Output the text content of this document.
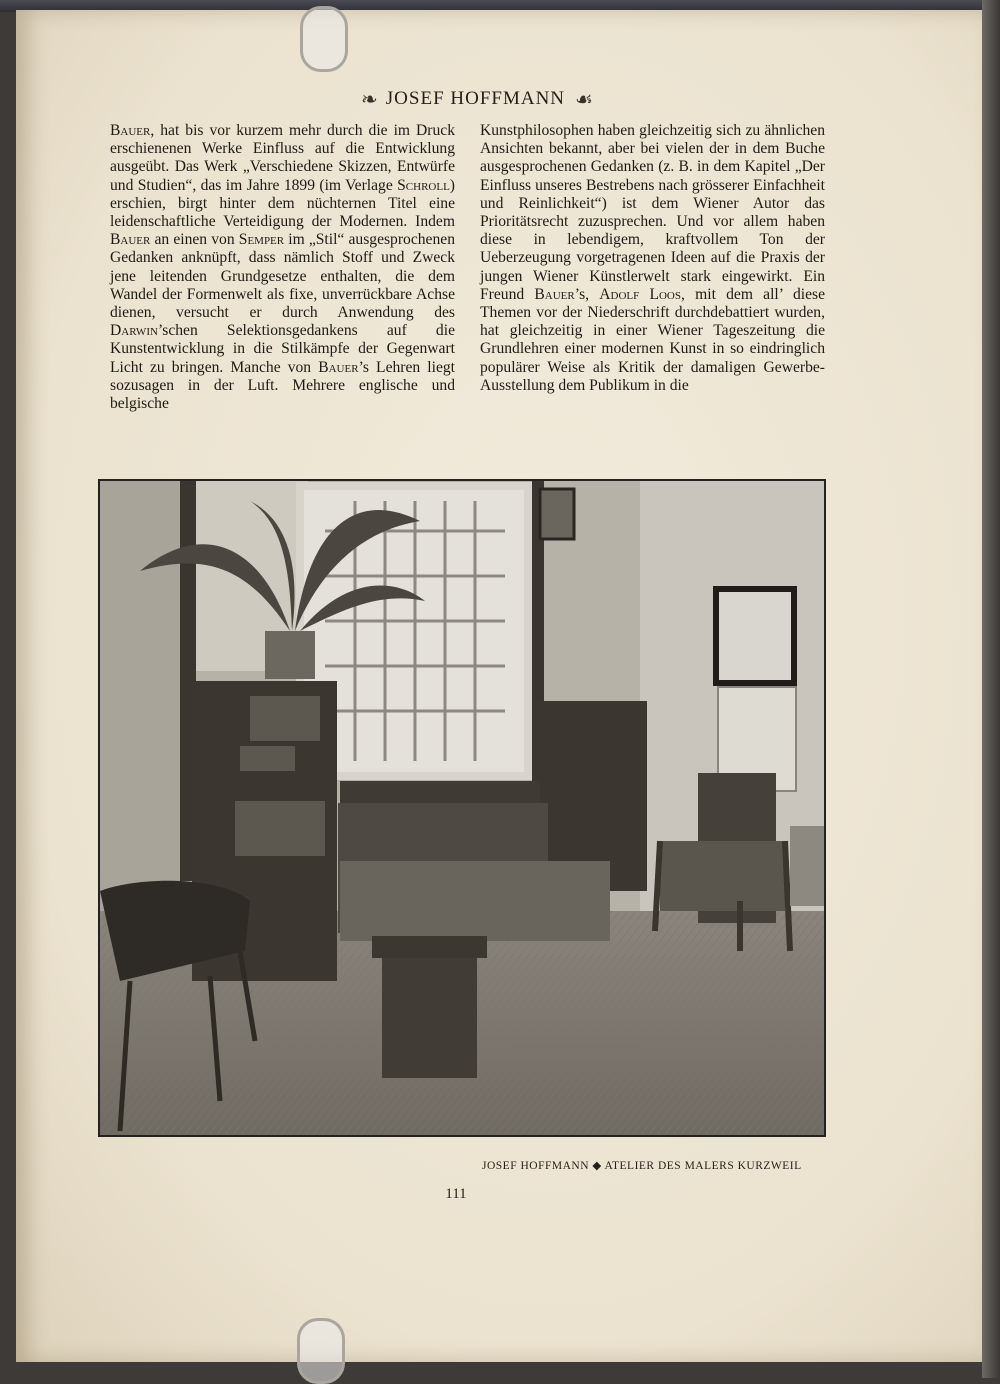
❧ JOSEF HOFFMANN ☙

Bauer, hat bis vor kurzem mehr durch die im Druck erschienenen Werke Einfluss auf die Entwicklung ausgeübt. Das Werk „Verschiedene Skizzen, Entwürfe und Studien“, das im Jahre 1899 (im Verlage Schroll) erschien, birgt hinter dem nüchternen Titel eine leidenschaftliche Verteidigung der Modernen. Indem Bauer an einen von Semper im „Stil“ ausgesprochenen Gedanken anknüpft, dass nämlich Stoff und Zweck jene leitenden Grundgesetze enthalten, die dem Wandel der Formenwelt als fixe, unverrückbare Achse dienen, versucht er durch Anwendung des Darwin’schen Selektionsgedankens auf die Kunstentwicklung in die Stilkämpfe der Gegenwart Licht zu bringen. Manche von Bauer’s Lehren liegt sozusagen in der Luft. Mehrere englische und belgische

Kunstphilosophen haben gleichzeitig sich zu ähnlichen Ansichten bekannt, aber bei vielen der in dem Buche ausgesprochenen Gedanken (z. B. in dem Kapitel „Der Einfluss unseres Bestrebens nach grösserer Einfachheit und Reinlichkeit“) ist dem Wiener Autor das Prioritätsrecht zuzusprechen. Und vor allem haben diese in lebendigem, kraftvollem Ton der Ueberzeugung vorgetragenen Ideen auf die Praxis der jungen Wiener Künstlerwelt stark eingewirkt. Ein Freund Bauer’s, Adolf Loos, mit dem all’ diese Themen vor der Niederschrift durchdebattiert wurden, hat gleichzeitig in einer Wiener Tageszeitung die Grundlehren einer modernen Kunst in so eindringlich populärer Weise als Kritik der damaligen Gewerbe-Ausstellung dem Publikum in die

JOSEF HOFFMANN ◆ ATELIER DES MALERS KURZWEIL
111
